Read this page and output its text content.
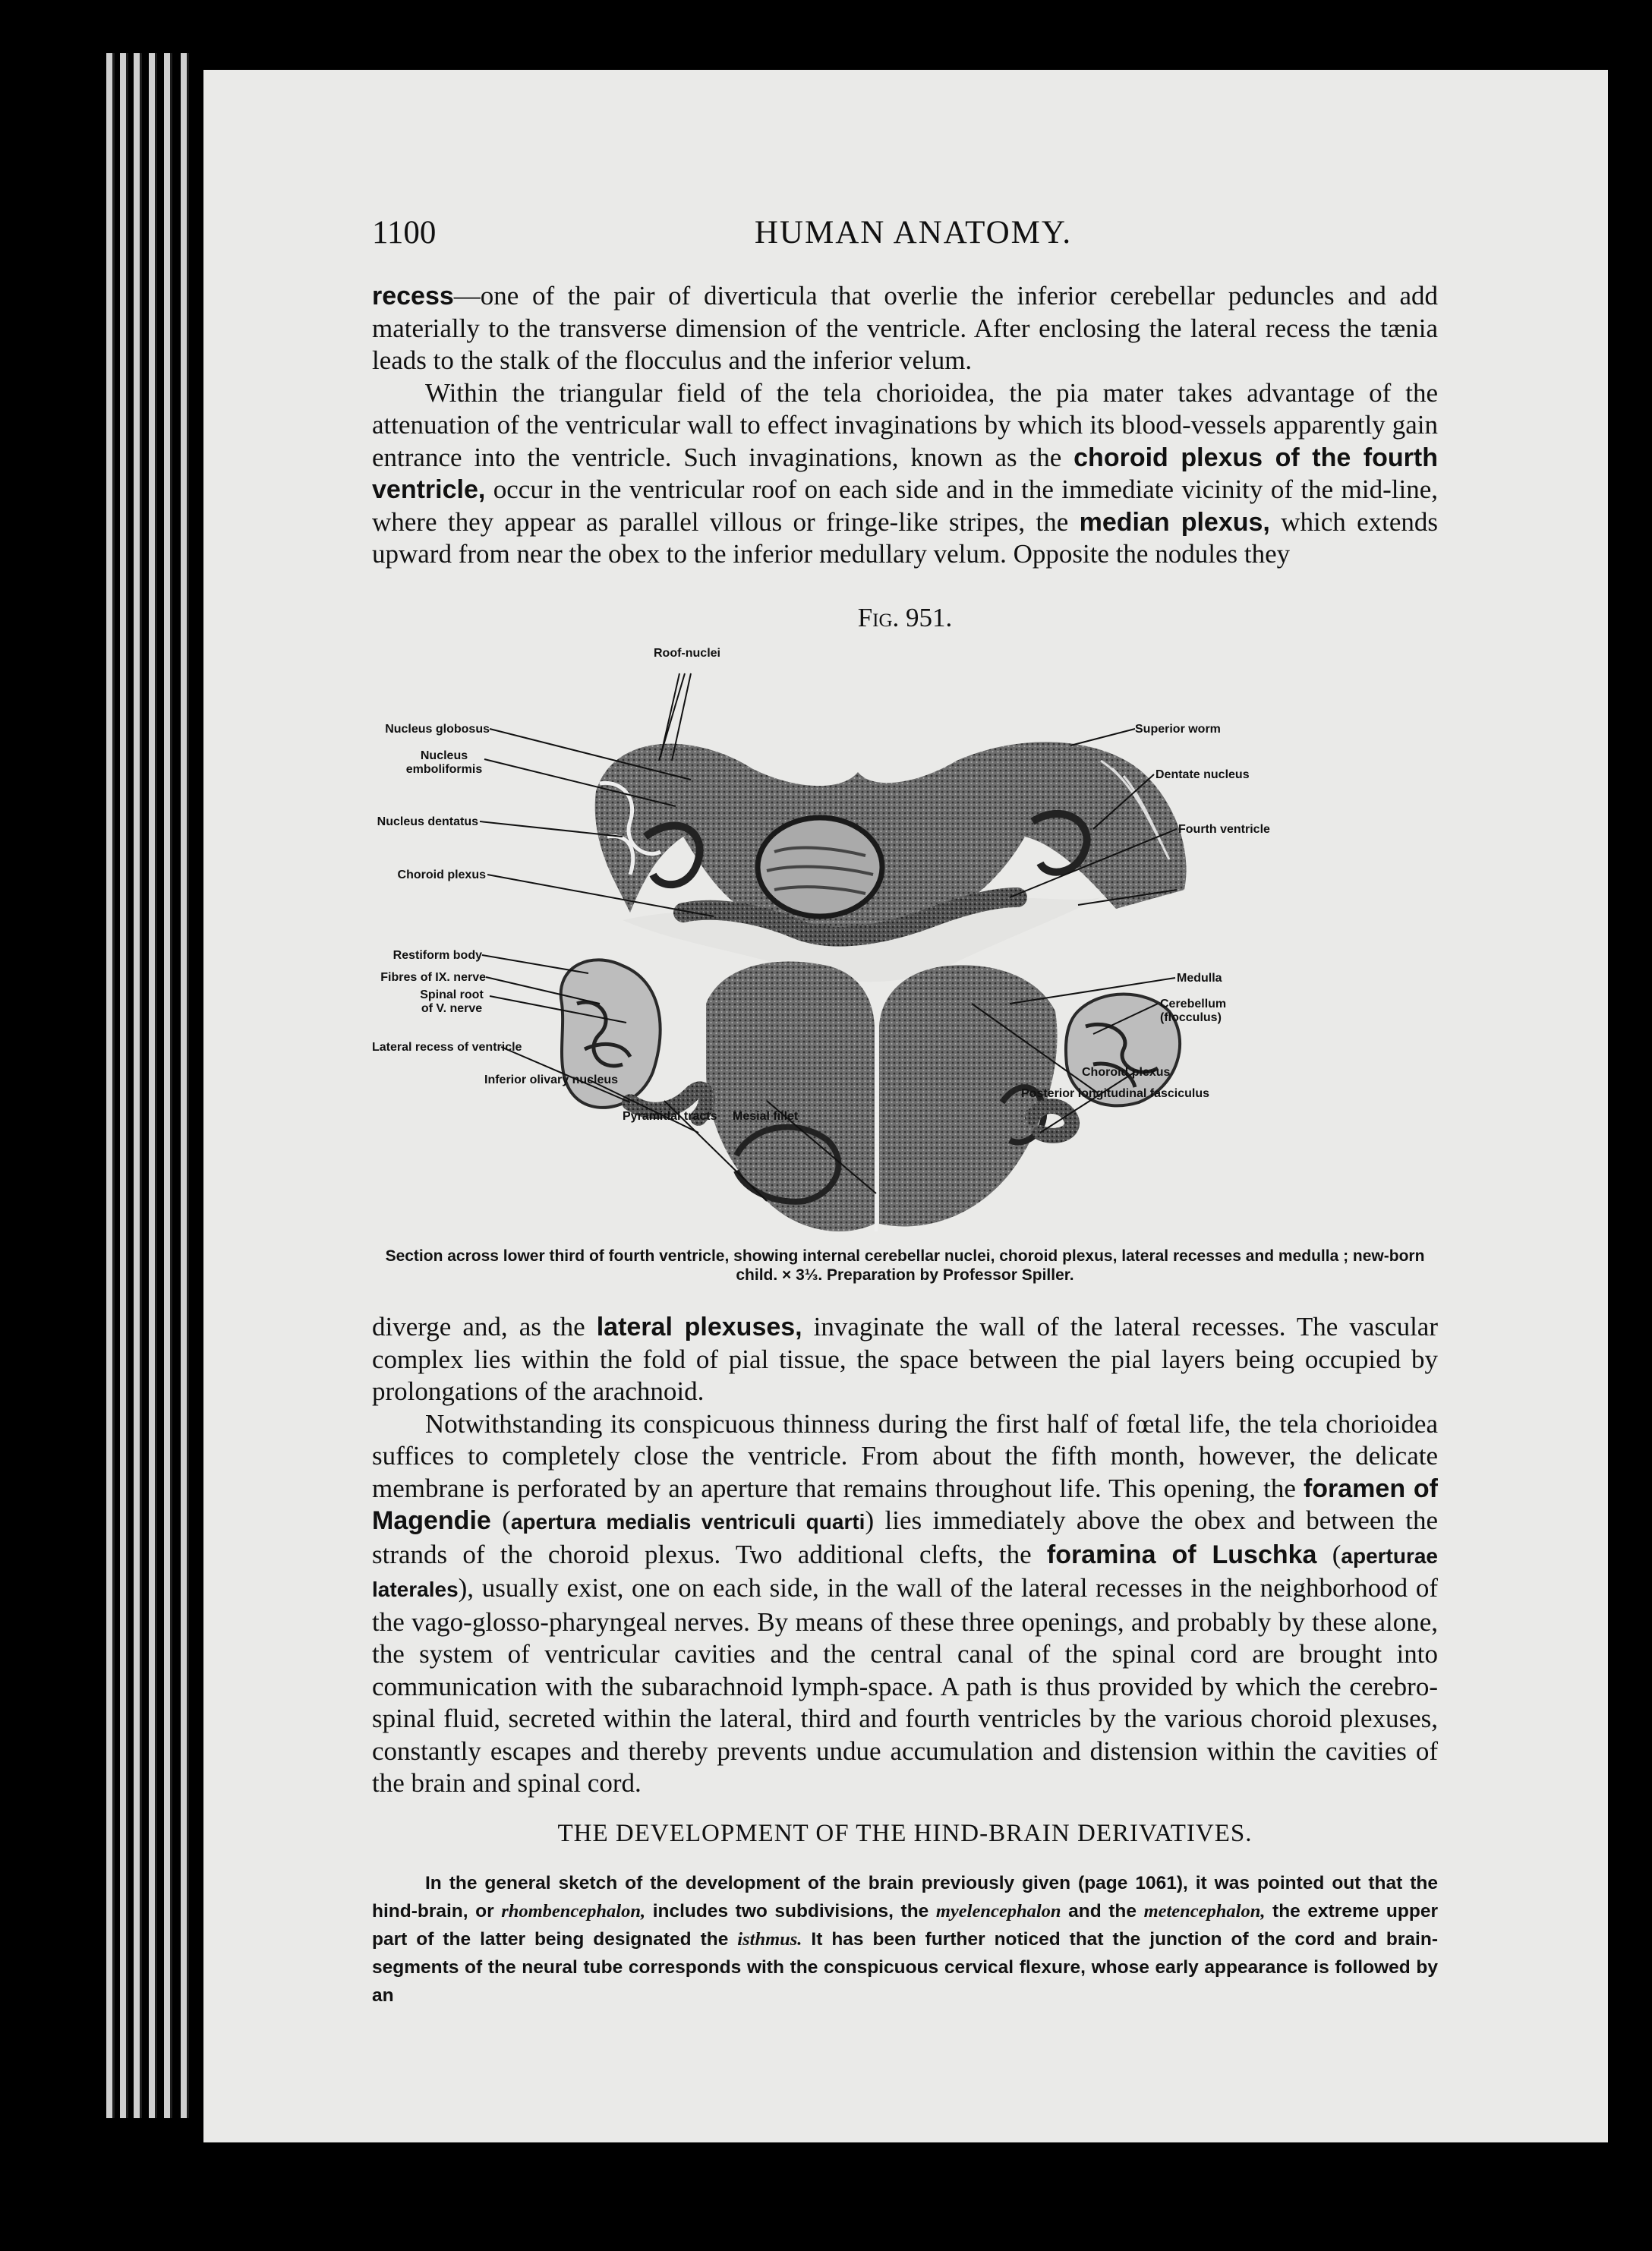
1100	HUMAN ANATOMY.

recess—one of the pair of diverticula that overlie the inferior cerebellar peduncles and add materially to the transverse dimension of the ventricle. After enclosing the lateral recess the tænia leads to the stalk of the flocculus and the inferior velum.

Within the triangular field of the tela chorioidea, the pia mater takes advantage of the attenuation of the ventricular wall to effect invaginations by which its blood-vessels apparently gain entrance into the ventricle. Such invaginations, known as the choroid plexus of the fourth ventricle, occur in the ventricular roof on each side and in the immediate vicinity of the mid-line, where they appear as parallel villous or fringe-like stripes, the median plexus, which extends upward from near the obex to the inferior medullary velum. Opposite the nodules they

Fig. 951.
Roof-nuclei
Nucleus globosus
Nucleus
emboliformis
Nucleus dentatus
Choroid plexus
Restiform body
Fibres of IX. nerve
Spinal root
of V. nerve
Lateral recess of ventricle
Inferior olivary nucleus
Pyramidal tracts Mesial fillet
Superior worm
Dentate nucleus
Fourth ventricle
Medulla
Cerebellum
(flocculus)
Choroid plexus
Posterior longitudinal fasciculus
Section across lower third of fourth ventricle, showing internal cerebellar nuclei, choroid plexus, lateral recesses and medulla ; new-born child. × 3⅓. Preparation by Professor Spiller.

diverge and, as the lateral plexuses, invaginate the wall of the lateral recesses. The vascular complex lies within the fold of pial tissue, the space between the pial layers being occupied by prolongations of the arachnoid.

Notwithstanding its conspicuous thinness during the first half of fœtal life, the tela chorioidea suffices to completely close the ventricle. From about the fifth month, however, the delicate membrane is perforated by an aperture that remains throughout life. This opening, the foramen of Magendie (apertura medialis ventriculi quarti) lies immediately above the obex and between the strands of the choroid plexus. Two additional clefts, the foramina of Luschka (aperturae laterales), usually exist, one on each side, in the wall of the lateral recesses in the neighborhood of the vago-glosso-pharyngeal nerves. By means of these three openings, and probably by these alone, the system of ventricular cavities and the central canal of the spinal cord are brought into communication with the subarachnoid lymph-space. A path is thus provided by which the cerebro-spinal fluid, secreted within the lateral, third and fourth ventricles by the various choroid plexuses, constantly escapes and thereby prevents undue accumulation and distension within the cavities of the brain and spinal cord.

THE DEVELOPMENT OF THE HIND-BRAIN DERIVATIVES.

In the general sketch of the development of the brain previously given (page 1061), it was pointed out that the hind-brain, or rhombencephalon, includes two subdivisions, the myelencephalon and the metencephalon, the extreme upper part of the latter being designated the isthmus. It has been further noticed that the junction of the cord and brain-segments of the neural tube corresponds with the conspicuous cervical flexure, whose early appearance is followed by an
